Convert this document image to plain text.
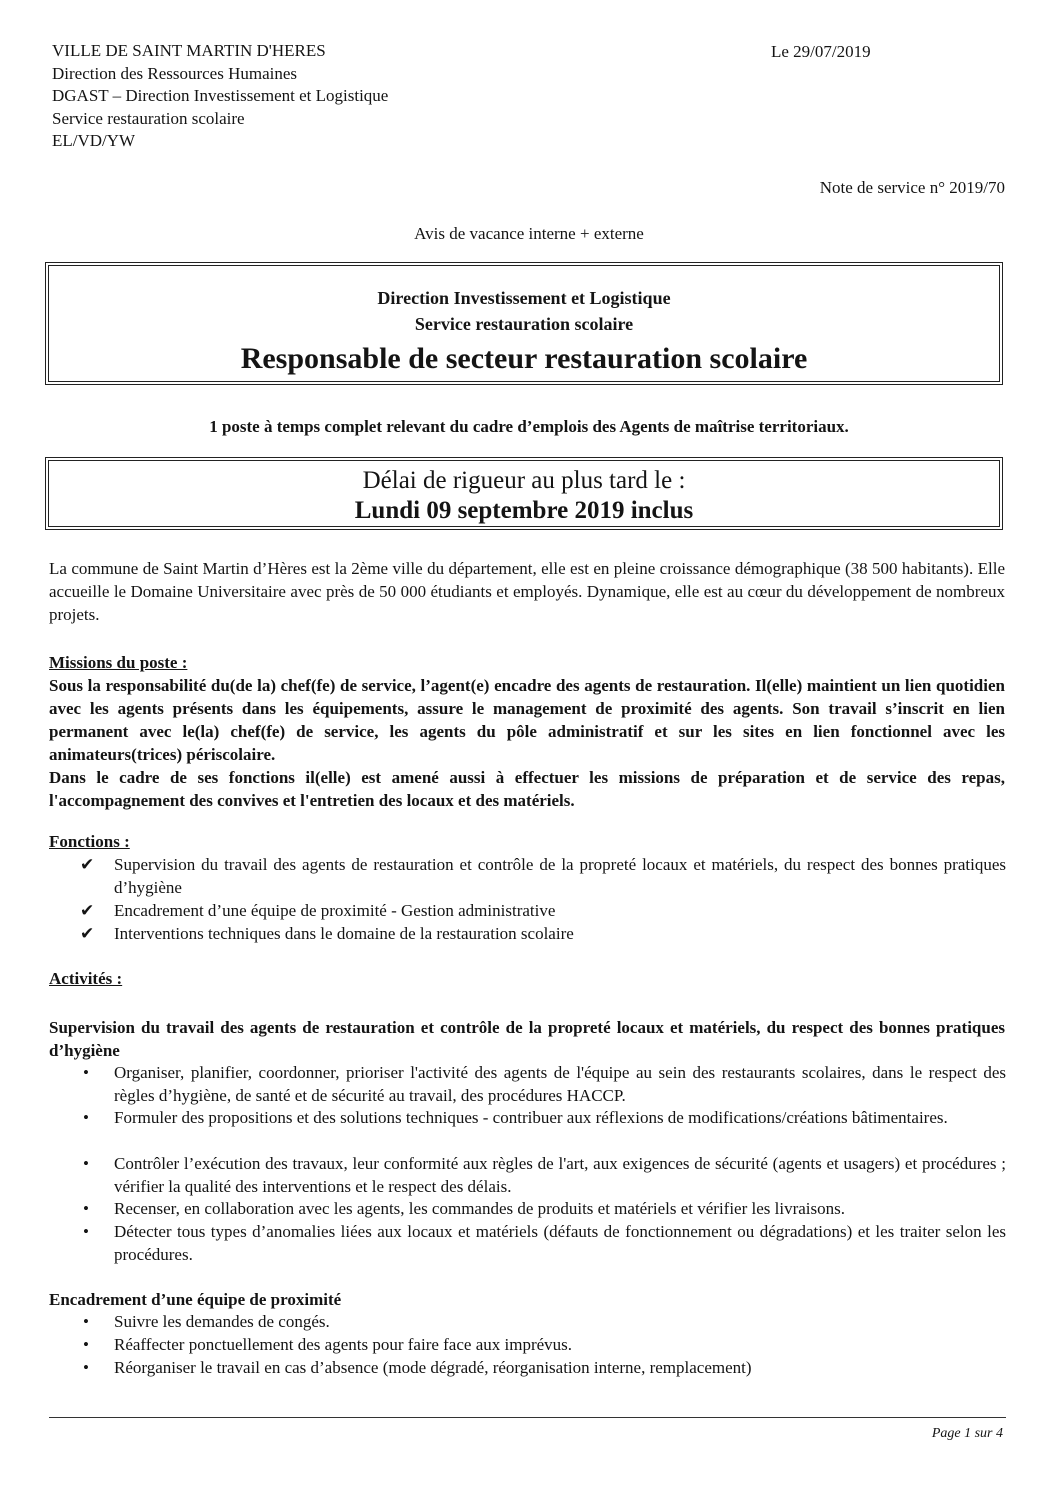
VILLE DE SAINT MARTIN D'HERES
Direction des Ressources Humaines
DGAST – Direction Investissement et Logistique
Service restauration scolaire
EL/VD/YW
Le 29/07/2019
Note de service n° 2019/70
Avis de vacance interne + externe
Direction Investissement et Logistique
Service restauration scolaire
Responsable de secteur restauration scolaire
1 poste à temps complet relevant du cadre d’emplois des Agents de maîtrise territoriaux.
Délai de rigueur au plus tard le :
Lundi 09 septembre 2019 inclus
La commune de Saint Martin d’Hères est la 2ème ville du département, elle est en pleine croissance démographique (38 500 habitants). Elle accueille le Domaine Universitaire avec près de 50 000 étudiants et employés. Dynamique, elle est au cœur du développement de nombreux projets.
Missions du poste :
Sous la responsabilité du(de la) chef(fe) de service, l’agent(e) encadre des agents de restauration. Il(elle) maintient un lien quotidien avec les agents présents dans les équipements, assure le management de proximité des agents. Son travail s’inscrit en lien permanent avec le(la) chef(fe) de service, les agents du pôle administratif et sur les sites en lien fonctionnel avec les animateurs(trices) périscolaire.
Dans le cadre de ses fonctions il(elle) est amené aussi à effectuer les missions de préparation et de service des repas, l'accompagnement des convives et l'entretien des locaux et des matériels.
Fonctions :
✔ Supervision du travail des agents de restauration et contrôle de la propreté locaux et matériels, du respect des bonnes pratiques d’hygiène
✔ Encadrement d’une équipe de proximité - Gestion administrative
✔ Interventions techniques dans le domaine de la restauration scolaire
Activités :
Supervision du travail des agents de restauration et contrôle de la propreté locaux et matériels, du respect des bonnes pratiques d’hygiène
• Organiser, planifier, coordonner, prioriser l'activité des agents de l'équipe au sein des restaurants scolaires, dans le respect des règles d’hygiène, de santé et de sécurité au travail, des procédures HACCP.
• Formuler des propositions et des solutions techniques - contribuer aux réflexions de modifications/créations bâtimentaires.
• Contrôler l’exécution des travaux, leur conformité aux règles de l'art, aux exigences de sécurité (agents et usagers) et procédures ; vérifier la qualité des interventions et le respect des délais.
• Recenser, en collaboration avec les agents, les commandes de produits et matériels et vérifier les livraisons.
• Détecter tous types d’anomalies liées aux locaux et matériels (défauts de fonctionnement ou dégradations) et les traiter selon les procédures.
Encadrement d’une équipe de proximité
• Suivre les demandes de congés.
• Réaffecter ponctuellement des agents pour faire face aux imprévus.
• Réorganiser le travail en cas d’absence (mode dégradé, réorganisation interne, remplacement)
Page 1 sur 4
